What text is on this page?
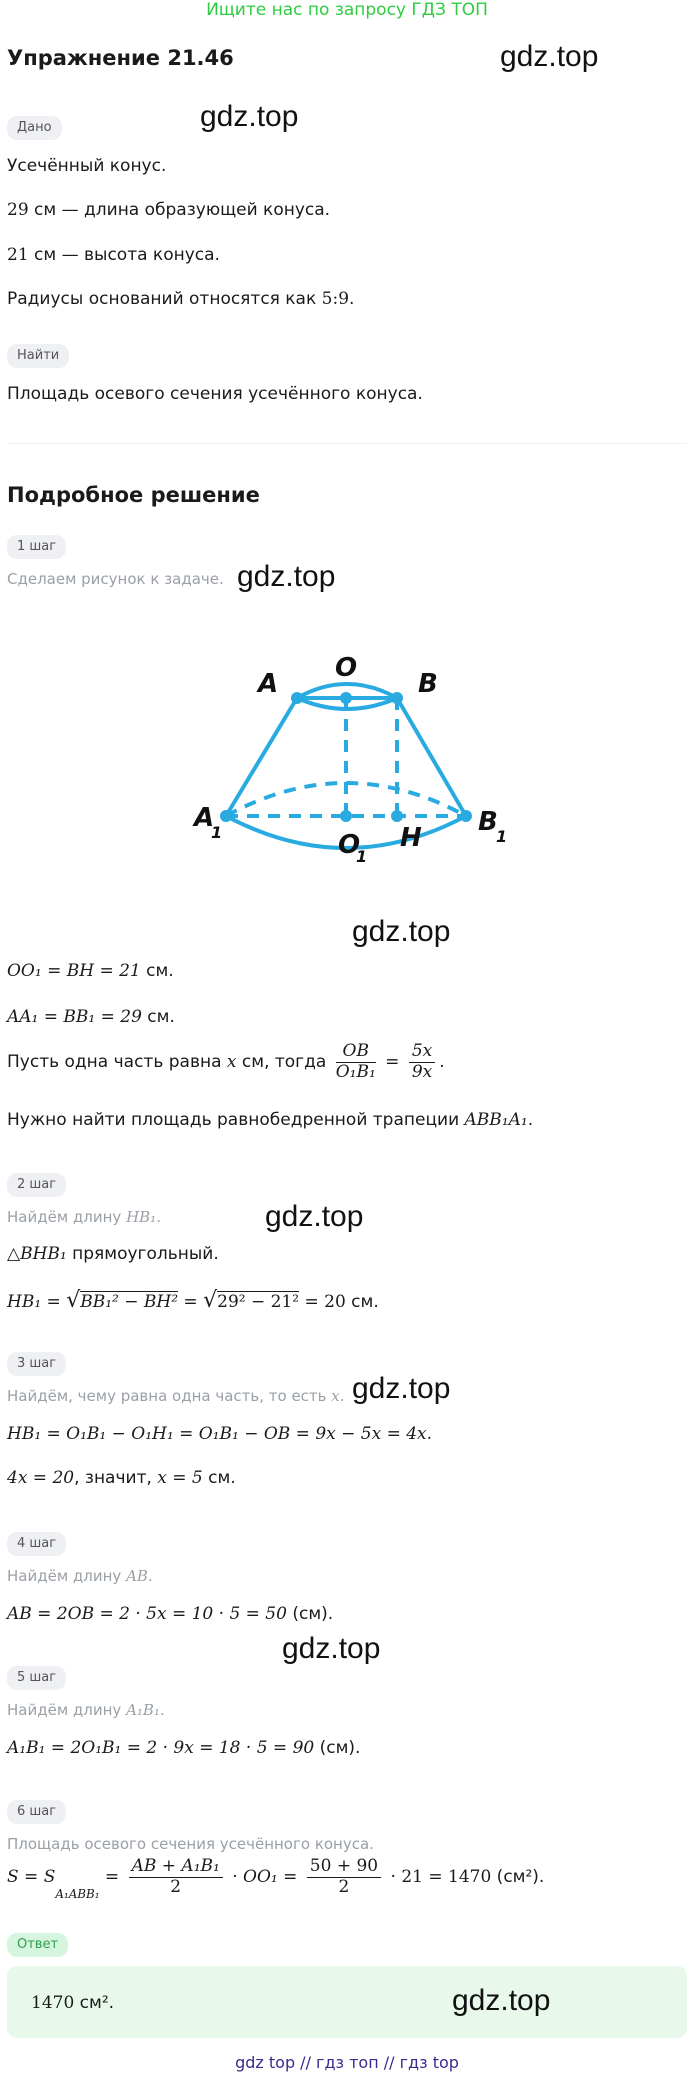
Ищите нас по запросу ГДЗ ТОП
Упражнение 21.46	gdz.top
Дано	gdz.top
Усечённый конус.
29 см — длина образующей конуса.
21 см — высота конуса.
Радиусы оснований относятся как 5:9.
Найти
Площадь осевого сечения усечённого конуса.
Подробное решение
1 шаг
Сделаем рисунок к задаче. gdz.top
A
O
B
A
1	O
1
H
B
1
gdz.top
OO₁ = BH = 21 см.
AA₁ = BB₁ = 29 см.
Пусть одна часть равна x см, тогда $\frac{OB}{\text{O₁B₁}} = \frac{5x}{9x}$ .
Нужно найти площадь равнобедренной трапеции ABB₁A₁.
2 шаг
Найдём длину HB₁.	gdz.top
△BHB₁ прямоугольный.
HB₁ = √BB₁² − BH² = √29² − 21² = 20 см.
3 шаг
Найдём, чему равна одна часть, то есть x. gdz.top
HB₁ = O₁B₁ − O₁H₁ = O₁B₁ − OB = 9x − 5x = 4x.
4x = 20, значит, x = 5 см.
4 шаг
Найдём длину AB.
AB = 2OB = 2 · 5x = 10 · 5 = 50 (см).
gdz.top
5 шаг
Найдём длину A₁B₁.
A₁B₁ = 2O₁B₁ = 2 · 9x = 18 · 5 = 90 (см).
6 шаг
Площадь осевого сечения усечённого конуса.
$S = S_{A_1ABB_1} = \frac{\text{AB + A₁B₁}}{2} \cdot OO_1 = \frac{50 + 90}{2} \cdot 21 = 1470$ (см²).
Ответ
1470 см².	gdz.top
gdz top // гдз топ // гдз top
